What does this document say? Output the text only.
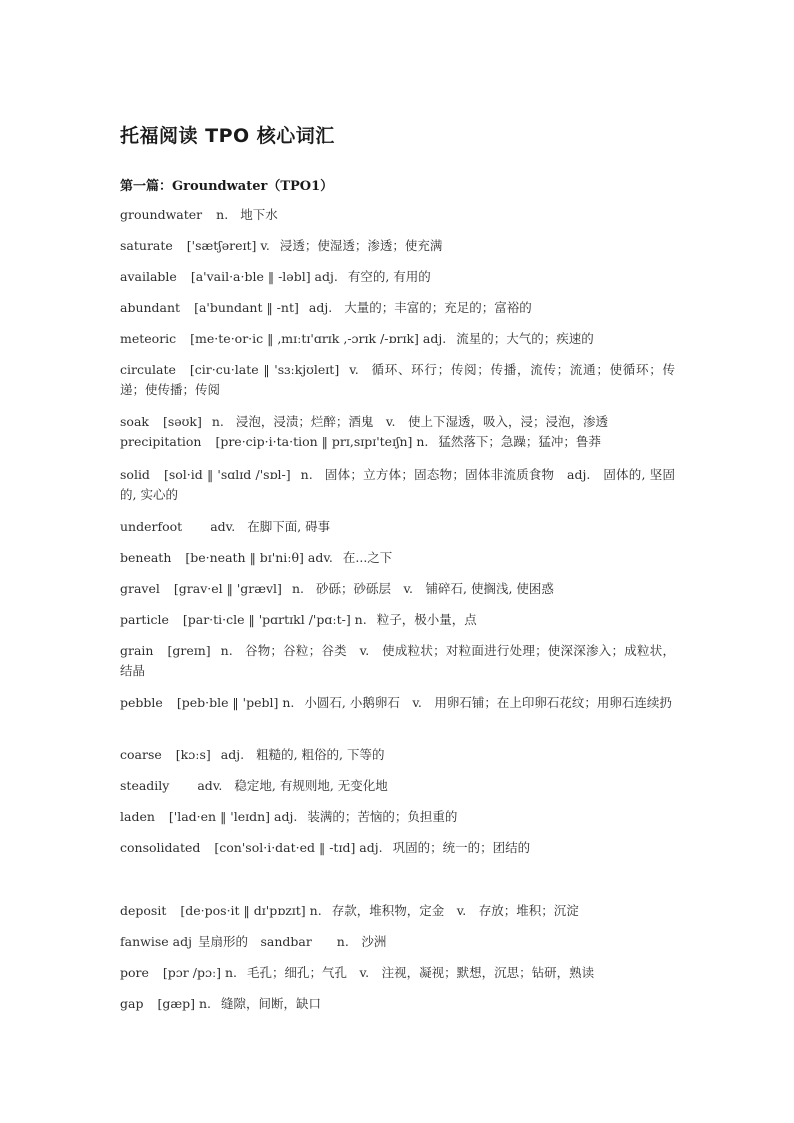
托福阅读 TPO 核心词汇
第一篇：Groundwater（TPO1）
groundwater n. 地下水
saturate ['sætʃəreɪt] v. 浸透；使湿透；渗透；使充满
available [a'vail·a·ble ‖ -ləbl] adj. 有空的, 有用的
abundant [a'bundant ‖ -nt] adj. 大量的；丰富的；充足的；富裕的
meteoric [me·te·or·ic ‖ ,mɪːtɪ'ɑrɪk ,-ɔrɪk /-ɒrɪk] adj. 流星的；大气的；疾速的
circulate [cir·cu·late ‖ 'sɜːkjʊleɪt] v. 循环、环行；传阅；传播，流传；流通；使循环；传递；使传播；传阅
soak [səʊk] n. 浸泡，浸渍；烂醉；酒鬼　v.　使上下湿透，吸入，浸；浸泡，渗透
precipitation [pre·cip·i·ta·tion ‖ prɪ,sɪpɪ'teɪʃn] n. 猛然落下；急躁；猛冲；鲁莽
solid [sol·id ‖ 'sɑlɪd /'sɒl-] n. 固体；立方体；固态物；固体非流质食物　adj.　固体的, 坚固的, 实心的
underfoot adv. 在脚下面, 碍事
beneath [be·neath ‖ bɪ'niːθ] adv. 在...之下
gravel [grav·el ‖ 'grævl] n. 砂砾；砂砾层　v.　铺碎石, 使搁浅, 使困惑
particle [par·ti·cle ‖ 'pɑrtɪkl /'pɑːt-] n. 粒子，极小量，点
grain [greɪn] n. 谷物；谷粒；谷类　v.　使成粒状；对粒面进行处理；使深深渗入；成粒状，结晶
pebble [peb·ble ‖ 'pebl] n. 小圆石, 小鹅卵石　v.　用卵石铺；在上印卵石花纹；用卵石连续扔
coarse [kɔːs] adj. 粗糙的, 粗俗的, 下等的
steadily adv. 稳定地, 有规则地, 无变化地
laden ['lad·en ‖ 'leɪdn] adj. 装满的；苦恼的；负担重的
consolidated [con'sol·i·dat·ed ‖ -tɪd] adj. 巩固的；统一的；团结的
deposit [de·pos·it ‖ dɪ'pɒzɪt] n. 存款，堆积物，定金　v.　存放；堆积；沉淀
fanwise adj 呈扇形的　sandbar　　n.　沙洲
pore [pɔr /pɔː] n. 毛孔；细孔；气孔　v.　注视，凝视；默想，沉思；钻研，熟读
gap [gæp] n. 缝隙，间断，缺口
